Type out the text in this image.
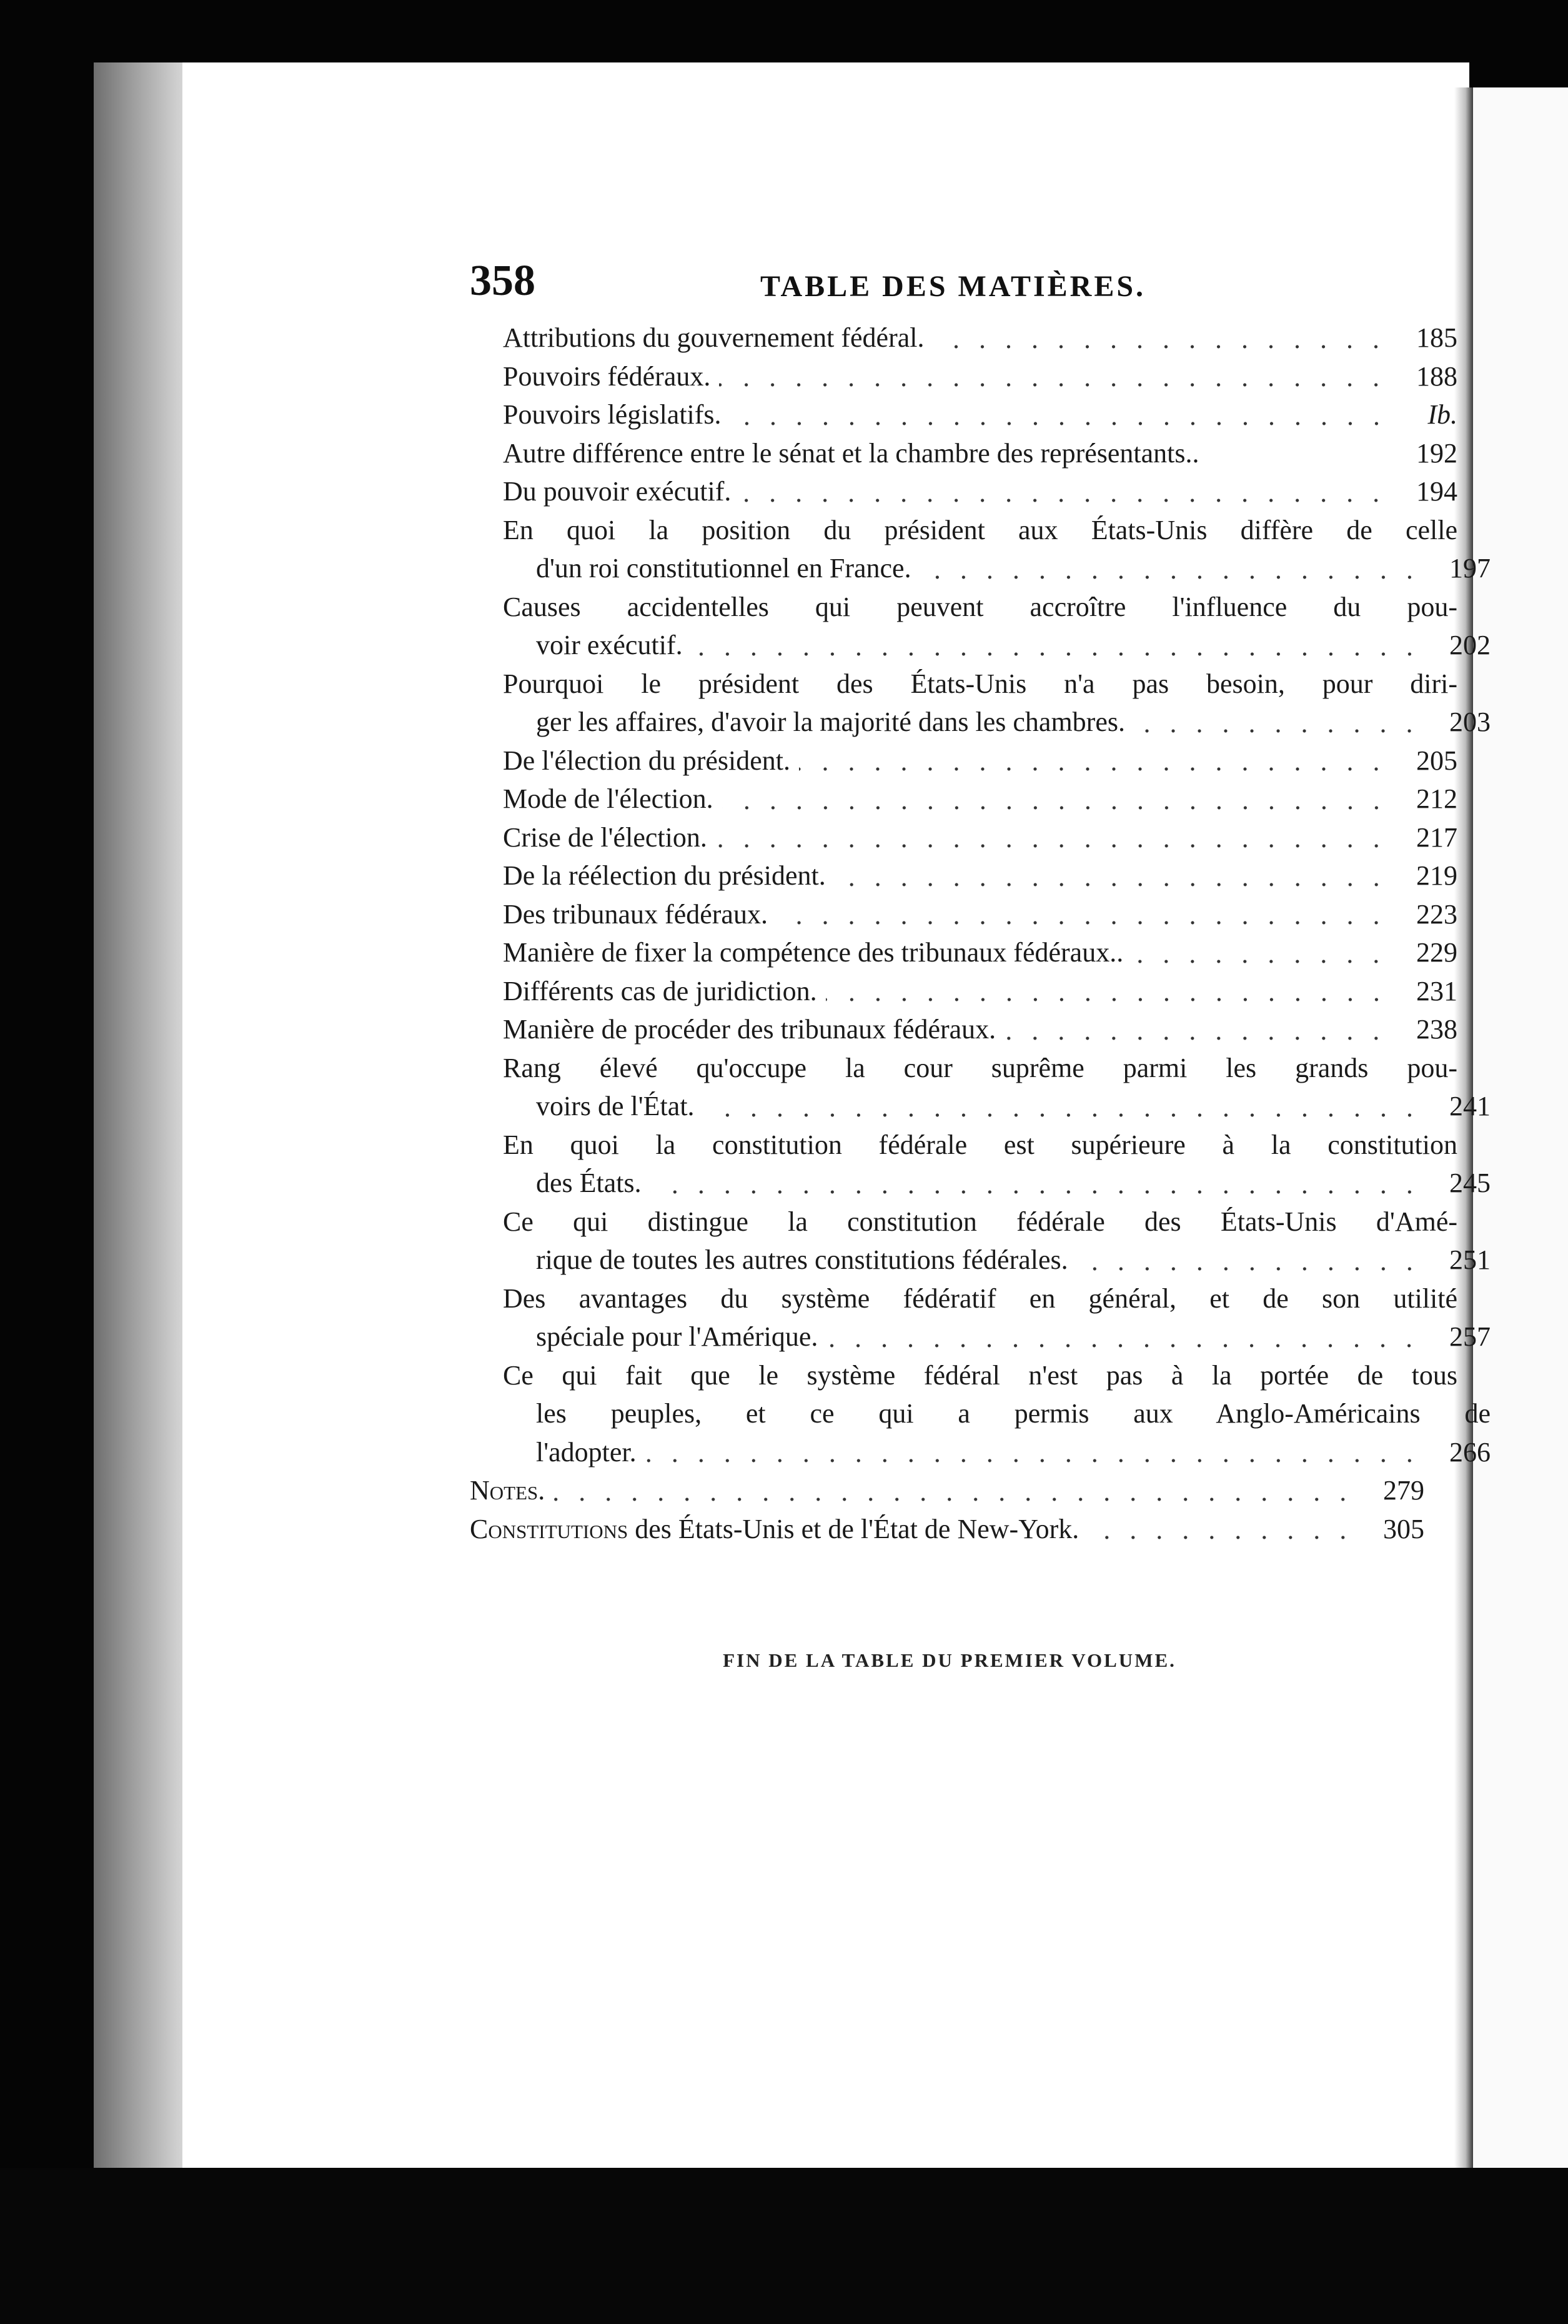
358	TABLE DES MATIÈRES.
Attributions du gouvernement fédéral.	185
Pouvoirs fédéraux.	188
Pouvoirs législatifs.	Ib.
Autre différence entre le sénat et la chambre des représentants..	192
Du pouvoir exécutif.	194
En quoi la position du président aux États-Unis diffère de celle
d'un roi constitutionnel en France.	197
Causes accidentelles qui peuvent accroître l'influence du pou-
voir exécutif.	202
Pourquoi le président des États-Unis n'a pas besoin, pour diri-
ger les affaires, d'avoir la majorité dans les chambres.	203
De l'élection du président.	205
Mode de l'élection.	212
Crise de l'élection.	217
De la réélection du président.	219
Des tribunaux fédéraux.	223
Manière de fixer la compétence des tribunaux fédéraux..	229
Différents cas de juridiction.	231
Manière de procéder des tribunaux fédéraux.	238
Rang élevé qu'occupe la cour suprême parmi les grands pou-
voirs de l'État.	241
En quoi la constitution fédérale est supérieure à la constitution
des États.	245
Ce qui distingue la constitution fédérale des États-Unis d'Amé-
rique de toutes les autres constitutions fédérales.	251
Des avantages du système fédératif en général, et de son utilité
spéciale pour l'Amérique.	257
Ce qui fait que le système fédéral n'est pas à la portée de tous
les peuples, et ce qui a permis aux Anglo-Américains de
l'adopter.	266
Notes.	279
Constitutions des États-Unis et de l'État de New-York.	305
FIN DE LA TABLE DU PREMIER VOLUME.
